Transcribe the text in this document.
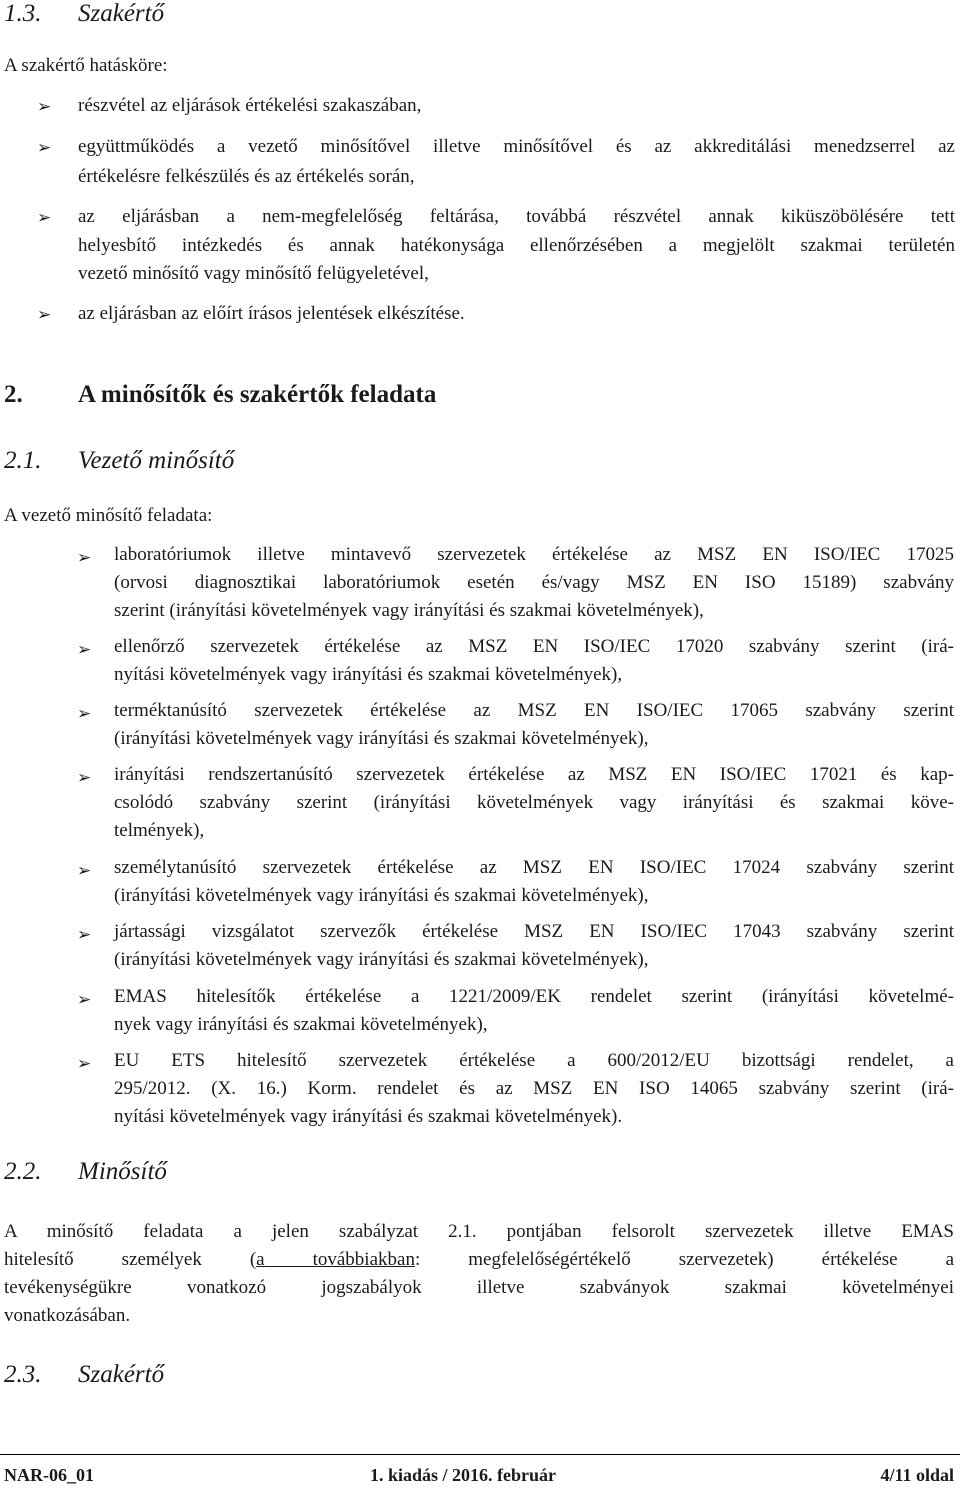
1.3. Szakértő
A szakértő hatásköre:
➢ részvétel az eljárások értékelési szakaszában,
➢ együttműködés a vezető minősítővel illetve minősítővel és az akkreditálási menedzserrel az
értékelésre felkészülés és az értékelés során,
➢ az eljárásban a nem-megfelelőség feltárása, továbbá részvétel annak kiküszöbölésére tett
helyesbítő intézkedés és annak hatékonysága ellenőrzésében a megjelölt szakmai területén
vezető minősítő vagy minősítő felügyeletével,
➢ az eljárásban az előírt írásos jelentések elkészítése.
2. A minősítők és szakértők feladata
2.1. Vezető minősítő
A vezető minősítő feladata:
➢ laboratóriumok illetve mintavevő szervezetek értékelése az MSZ EN ISO/IEC 17025
(orvosi diagnosztikai laboratóriumok esetén és/vagy MSZ EN ISO 15189) szabvány
szerint (irányítási követelmények vagy irányítási és szakmai követelmények),
➢ ellenőrző szervezetek értékelése az MSZ EN ISO/IEC 17020 szabvány szerint (irá-
nyítási követelmények vagy irányítási és szakmai követelmények),
➢ terméktanúsító szervezetek értékelése az MSZ EN ISO/IEC 17065 szabvány szerint
(irányítási követelmények vagy irányítási és szakmai követelmények),
➢ irányítási rendszertanúsító szervezetek értékelése az MSZ EN ISO/IEC 17021 és kap-
csolódó szabvány szerint (irányítási követelmények vagy irányítási és szakmai köve-
telmények),
➢ személytanúsító szervezetek értékelése az MSZ EN ISO/IEC 17024 szabvány szerint
(irányítási követelmények vagy irányítási és szakmai követelmények),
➢ jártassági vizsgálatot szervezők értékelése MSZ EN ISO/IEC 17043 szabvány szerint
(irányítási követelmények vagy irányítási és szakmai követelmények),
➢ EMAS hitelesítők értékelése a 1221/2009/EK rendelet szerint (irányítási követelmé-
nyek vagy irányítási és szakmai követelmények),
➢ EU ETS hitelesítő szervezetek értékelése a 600/2012/EU bizottsági rendelet, a
295/2012. (X. 16.) Korm. rendelet és az MSZ EN ISO 14065 szabvány szerint (irá-
nyítási követelmények vagy irányítási és szakmai követelmények).
2.2. Minősítő
A minősítő feladata a jelen szabályzat 2.1. pontjában felsorolt szervezetek illetve EMAS
hitelesítő személyek (a továbbiakban: megfelelőségértékelő szervezetek) értékelése a
tevékenységükre vonatkozó jogszabályok illetve szabványok szakmai követelményei
vonatkozásában.
2.3. Szakértő
NAR-06_01	1. kiadás / 2016. február	4/11 oldal
